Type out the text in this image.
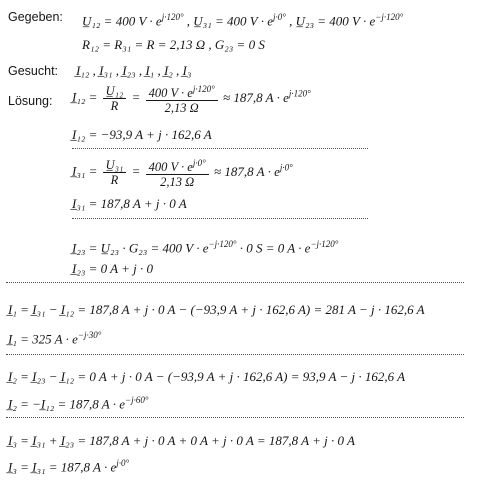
Gegeben: U̲₁₂ = 400 $V \cdot e^{j\cdot 120^\circ}$ , U̲₃₁ = 400 $V \cdot e^{j\cdot 0^\circ}$ , U̲₂₃ = 400 $V \cdot e^{-j\cdot 120^\circ}$
R₁₂ = R₃₁ = R = 2,13 Ω , G₂₃ = 0 S
Gesucht: I̲₁₂ , I̲₃₁ , I̲₂₃ , I̲₁ , I̲₂ , I̲₃
Lösung: I̲₁₂ = $\frac{\text{U̲₁₂}}{R} = \frac{400 V \cdot e^{j\cdot 120^\circ}}{2,13 \Omega} \approx 187,8$ $A \cdot e^{j\cdot 120^\circ}$
I̲₁₂ = −93,9 A + j · 162,6 A
I̲₃₁ = $\frac{\text{U̲₃₁}}{R} = \frac{400 V \cdot e^{j\cdot 0^\circ}}{2,13 \Omega} \approx 187,8$ $A \cdot e^{j\cdot 0^\circ}$
I̲₃₁ = 187,8 A + j · 0 A
I̲₂₃ = U̲₂₃ · G₂₃ = 400 $V \cdot e^{-j\cdot 120^\circ} \cdot 0$ S = 0 $A \cdot e^{-j\cdot 120^\circ}$
I̲₂₃ = 0 A + j · 0
I̲₁ = I̲₃₁ − I̲₁₂ = 187,8 A + j · 0 A − (−93,9 A + j · 162,6 A) = 281 A − j · 162,6 A
I̲₁ = 325 $A \cdot e^{-j\cdot 30^\circ}$
I̲₂ = I̲₂₃ − I̲₁₂ = 0 A + j · 0 A − (−93,9 A + j · 162,6 A) = 93,9 A − j · 162,6 A
I̲₂ = −I̲₁₂ = 187,8 $A \cdot e^{-j\cdot 60^\circ}$
I̲₃ = I̲₃₁ + I̲₂₃ = 187,8 A + j · 0 A + 0 A + j · 0 A = 187,8 A + j · 0 A
I̲₃ = I̲₃₁ = 187,8 $A \cdot e^{j\cdot 0^\circ}$
